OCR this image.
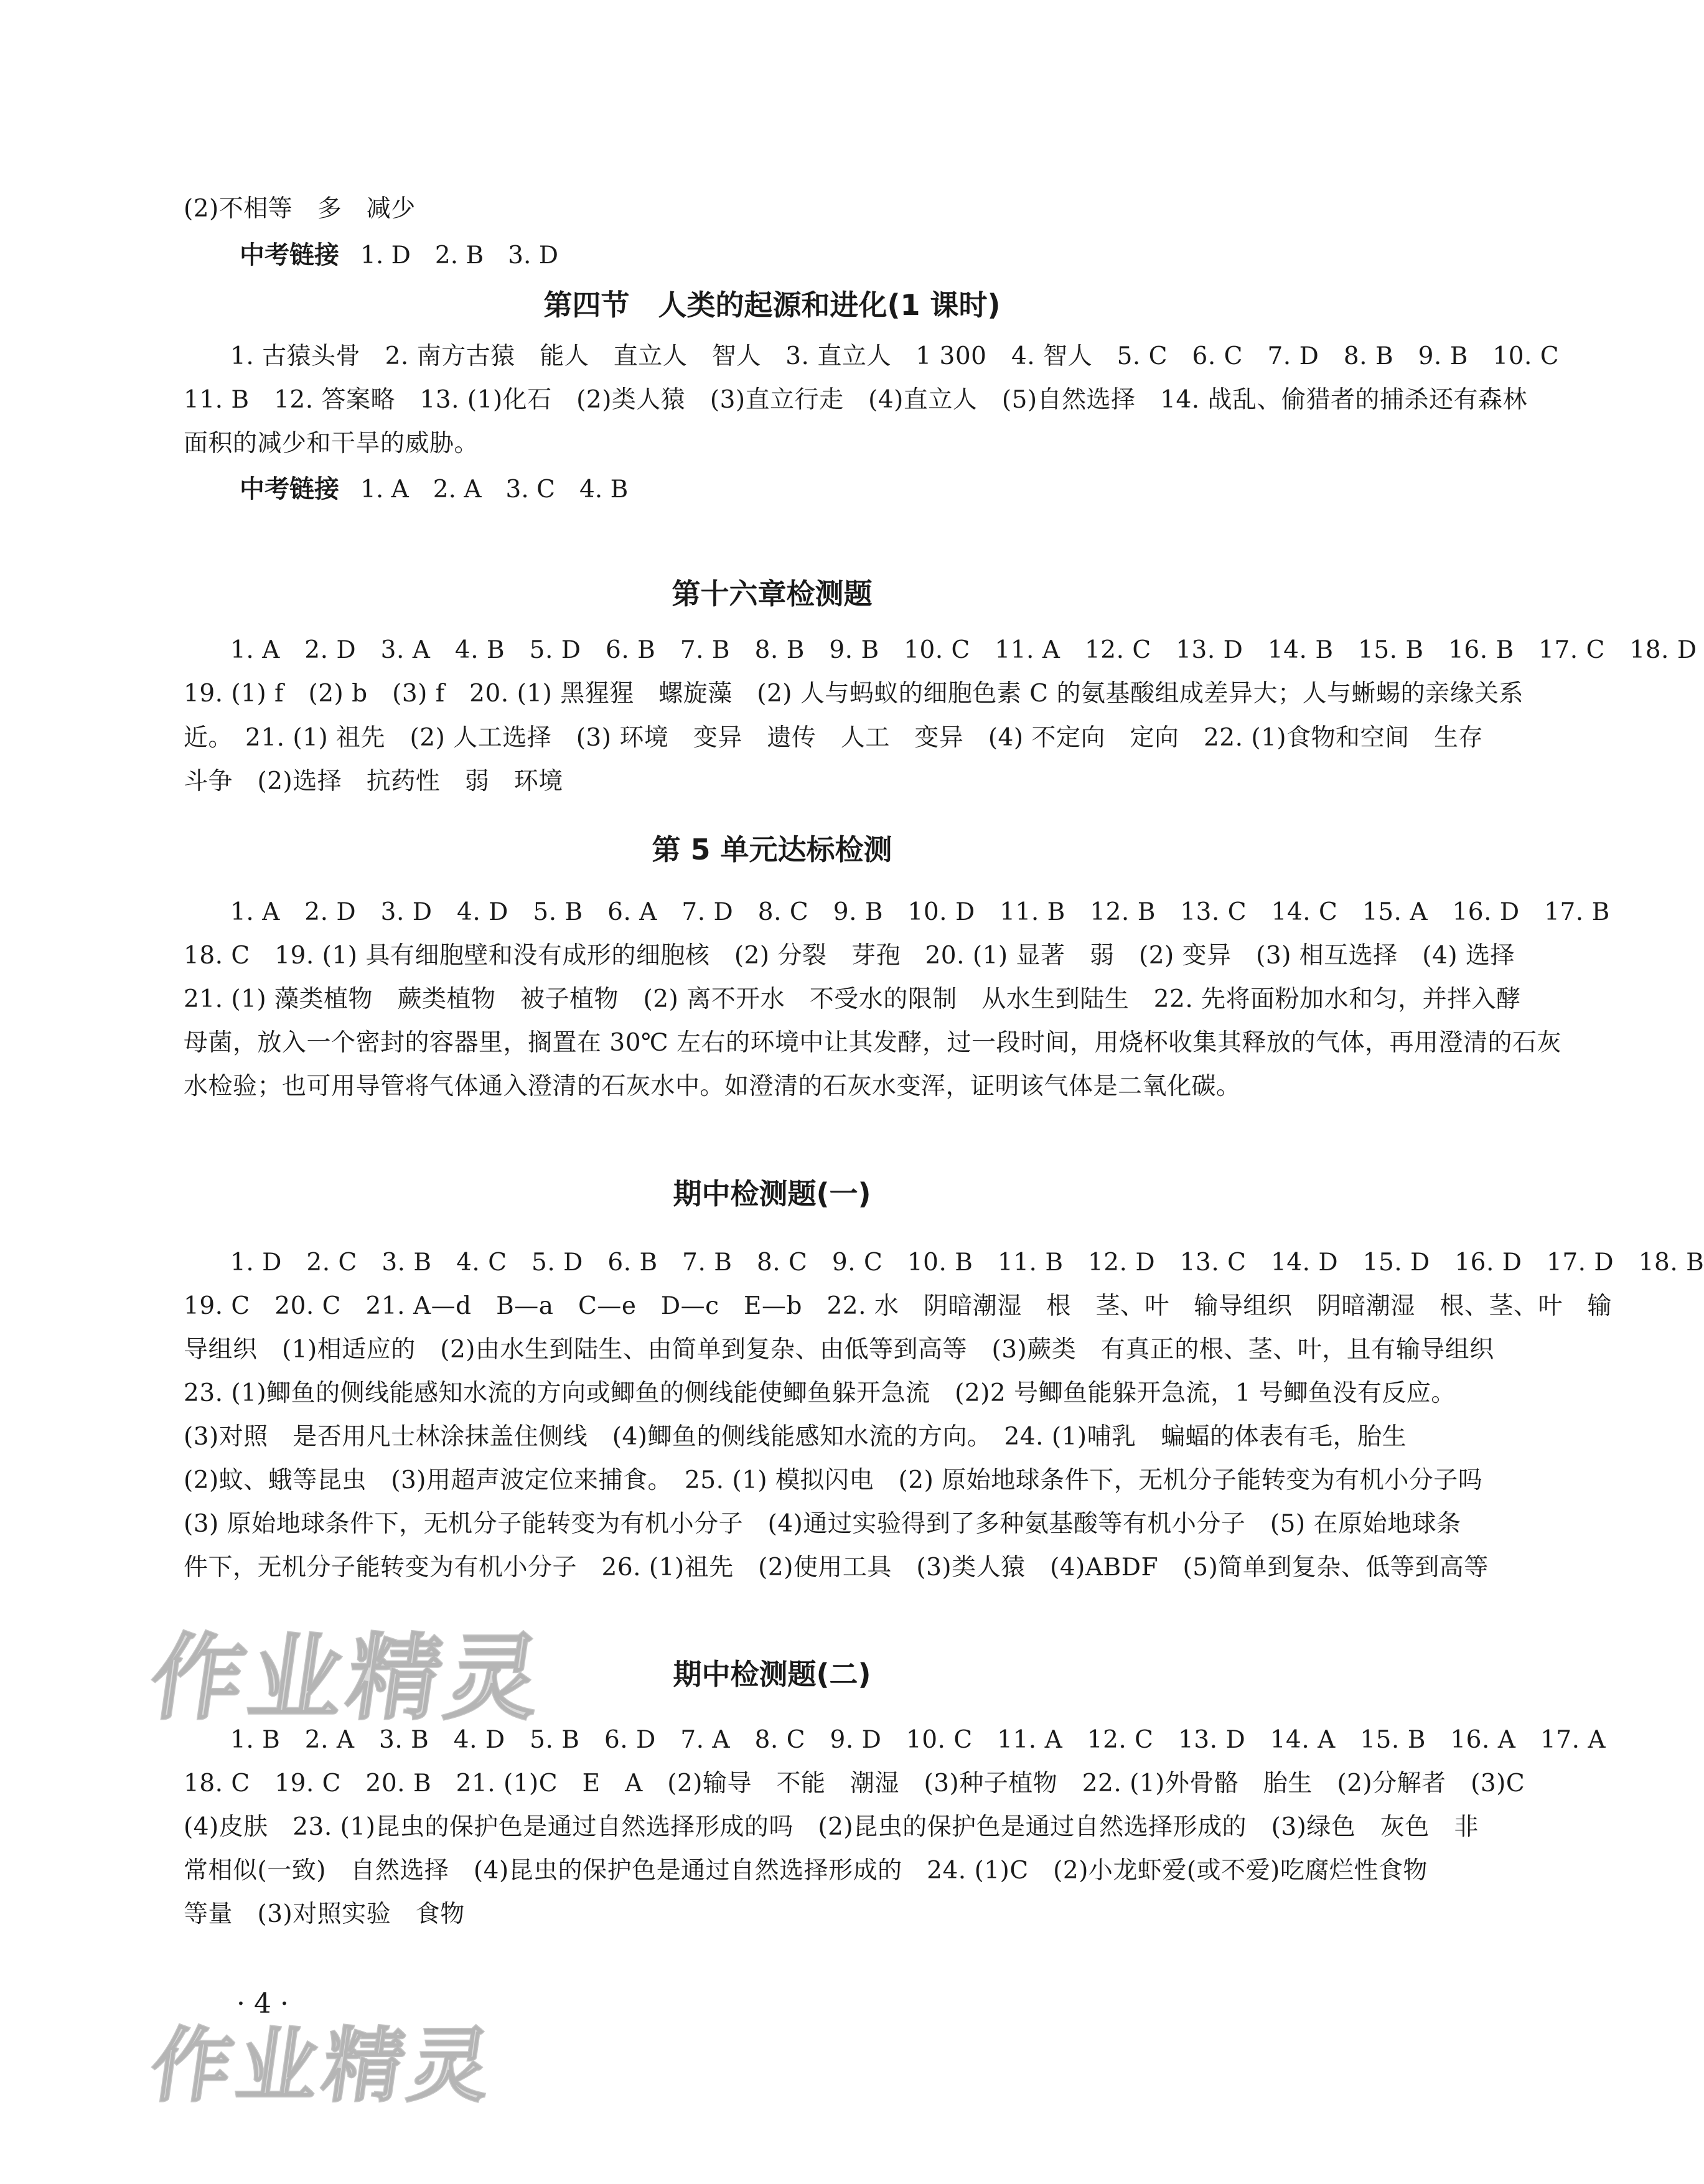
(2)不相等　多　减少
中考链接 1. D　2. B　3. D
第四节　人类的起源和进化(1 课时)
1. 古猿头骨　2. 南方古猿　能人　直立人　智人　3. 直立人　1 300　4. 智人　5. C　6. C　7. D　8. B　9. B　10. C
11. B　12. 答案略　13. (1)化石　(2)类人猿　(3)直立行走　(4)直立人　(5)自然选择　14. 战乱、偷猎者的捕杀还有森林
面积的减少和干旱的威胁。
中考链接 1. A　2. A　3. C　4. B
第十六章检测题
1. A　2. D　3. A　4. B　5. D　6. B　7. B　8. B　9. B　10. C　11. A　12. C　13. D　14. B　15. B　16. B　17. C　18. D
19. (1) f　(2) b　(3) f　20. (1) 黑猩猩　螺旋藻　(2) 人与蚂蚁的细胞色素 C 的氨基酸组成差异大；人与蜥蜴的亲缘关系
近。　21. (1) 祖先　(2) 人工选择　(3) 环境　变异　遗传　人工　变异　(4) 不定向　定向　22. (1)食物和空间　生存
斗争　(2)选择　抗药性　弱　环境
第 5 单元达标检测
1. A　2. D　3. D　4. D　5. B　6. A　7. D　8. C　9. B　10. D　11. B　12. B　13. C　14. C　15. A　16. D　17. B
18. C　19. (1) 具有细胞壁和没有成形的细胞核　(2) 分裂　芽孢　20. (1) 显著　弱　(2) 变异　(3) 相互选择　(4) 选择
21. (1) 藻类植物　蕨类植物　被子植物　(2) 离不开水　不受水的限制　从水生到陆生　22. 先将面粉加水和匀，并拌入酵
母菌，放入一个密封的容器里，搁置在 30℃ 左右的环境中让其发酵，过一段时间，用烧杯收集其释放的气体，再用澄清的石灰
水检验；也可用导管将气体通入澄清的石灰水中。如澄清的石灰水变浑，证明该气体是二氧化碳。
期中检测题(一)
1. D　2. C　3. B　4. C　5. D　6. B　7. B　8. C　9. C　10. B　11. B　12. D　13. C　14. D　15. D　16. D　17. D　18. B
19. C　20. C　21. A—d　B—a　C—e　D—c　E—b　22. 水　阴暗潮湿　根　茎、叶　输导组织　阴暗潮湿　根、茎、叶　输
导组织　(1)相适应的　(2)由水生到陆生、由简单到复杂、由低等到高等　(3)蕨类　有真正的根、茎、叶，且有输导组织
23. (1)鲫鱼的侧线能感知水流的方向或鲫鱼的侧线能使鲫鱼躲开急流　(2)2 号鲫鱼能躲开急流，1 号鲫鱼没有反应。
(3)对照　是否用凡士林涂抹盖住侧线　(4)鲫鱼的侧线能感知水流的方向。　24. (1)哺乳　蝙蝠的体表有毛，胎生
(2)蚊、蛾等昆虫　(3)用超声波定位来捕食。　25. (1) 模拟闪电　(2) 原始地球条件下，无机分子能转变为有机小分子吗
(3) 原始地球条件下，无机分子能转变为有机小分子　(4)通过实验得到了多种氨基酸等有机小分子　(5) 在原始地球条
件下，无机分子能转变为有机小分子　26. (1)祖先　(2)使用工具　(3)类人猿　(4)ABDF　(5)简单到复杂、低等到高等
期中检测题(二)
1. B　2. A　3. B　4. D　5. B　6. D　7. A　8. C　9. D　10. C　11. A　12. C　13. D　14. A　15. B　16. A　17. A
18. C　19. C　20. B　21. (1)C　E　A　(2)输导　不能　潮湿　(3)种子植物　22. (1)外骨骼　胎生　(2)分解者　(3)C
(4)皮肤　23. (1)昆虫的保护色是通过自然选择形成的吗　(2)昆虫的保护色是通过自然选择形成的　(3)绿色　灰色　非
常相似(一致)　自然选择　(4)昆虫的保护色是通过自然选择形成的　24. (1)C　(2)小龙虾爱(或不爱)吃腐烂性食物
等量　(3)对照实验　食物
· 4 ·
作业精灵
作业精灵
